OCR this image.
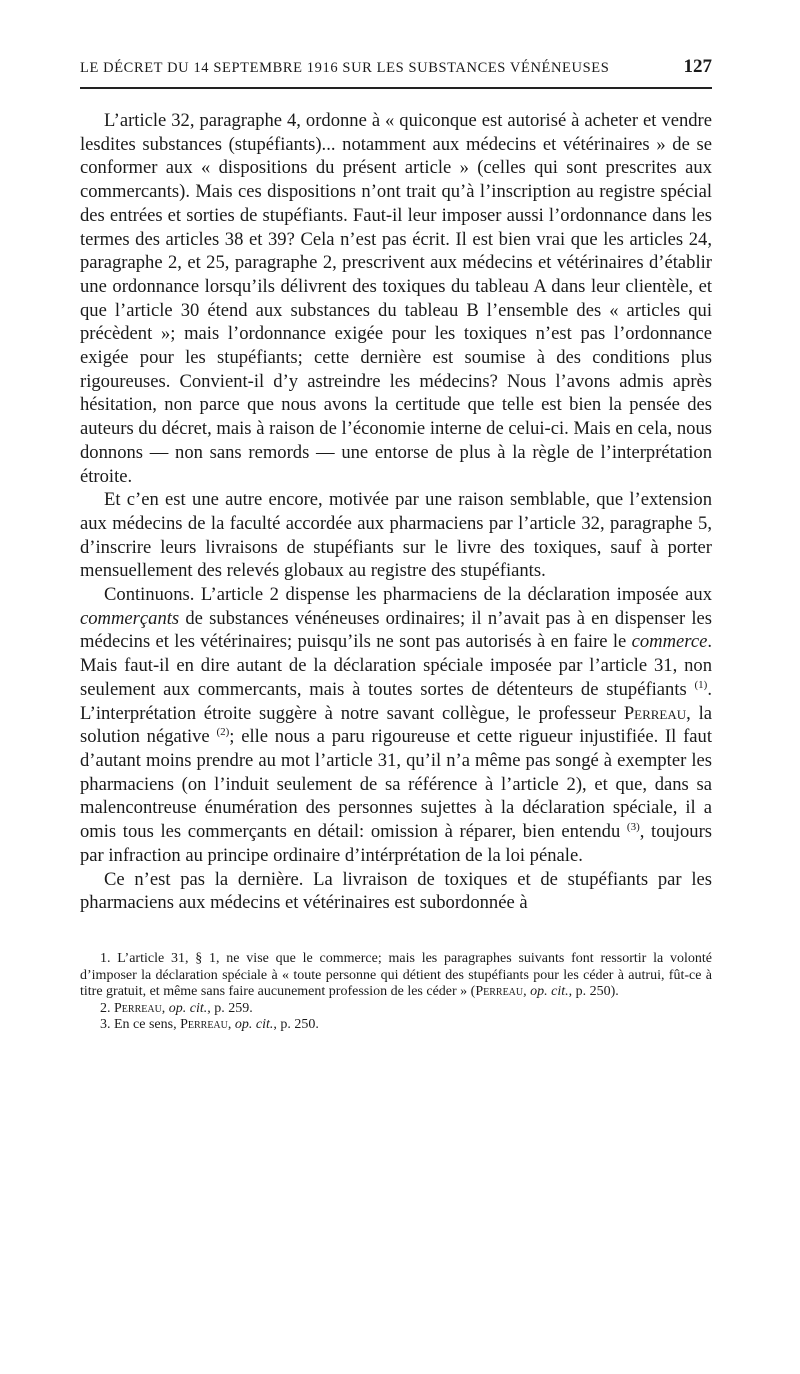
LE DÉCRET DU 14 SEPTEMBRE 1916 SUR LES SUBSTANCES VÉNÉNEUSES	127

L’article 32, paragraphe 4, ordonne à « quiconque est autorisé à acheter et vendre lesdites substances (stupéfiants)... notamment aux médecins et vétérinaires » de se conformer aux « dispositions du présent article » (celles qui sont prescrites aux commercants). Mais ces dispositions n’ont trait qu’à l’inscription au registre spécial des entrées et sorties de stupéfiants. Faut-il leur imposer aussi l’ordonnance dans les termes des articles 38 et 39? Cela n’est pas écrit. Il est bien vrai que les articles 24, paragraphe 2, et 25, paragraphe 2, prescrivent aux médecins et vétérinaires d’établir une ordonnance lorsqu’ils délivrent des toxiques du tableau A dans leur clientèle, et que l’article 30 étend aux substances du tableau B l’ensemble des « articles qui précèdent »; mais l’ordonnance exigée pour les toxiques n’est pas l’ordonnance exigée pour les stupéfiants; cette dernière est soumise à des conditions plus rigoureuses. Convient-il d’y astreindre les médecins? Nous l’avons admis après hésitation, non parce que nous avons la certitude que telle est bien la pensée des auteurs du décret, mais à raison de l’économie interne de celui-ci. Mais en cela, nous donnons — non sans remords — une entorse de plus à la règle de l’interprétation étroite.

Et c’en est une autre encore, motivée par une raison semblable, que l’extension aux médecins de la faculté accordée aux pharmaciens par l’article 32, paragraphe 5, d’inscrire leurs livraisons de stupéfiants sur le livre des toxiques, sauf à porter mensuellement des relevés globaux au registre des stupéfiants.

Continuons. L’article 2 dispense les pharmaciens de la déclaration imposée aux commerçants de substances vénéneuses ordinaires; il n’avait pas à en dispenser les médecins et les vétérinaires; puisqu’ils ne sont pas autorisés à en faire le commerce. Mais faut-il en dire autant de la déclaration spéciale imposée par l’article 31, non seulement aux commercants, mais à toutes sortes de détenteurs de stupéfiants $^{(1)}$. L’interprétation étroite suggère à notre savant collègue, le professeur Perreau, la solution négative $^{(2)}$; elle nous a paru rigoureuse et cette rigueur injustifiée. Il faut d’autant moins prendre au mot l’article 31, qu’il n’a même pas songé à exempter les pharmaciens (on l’induit seulement de sa référence à l’article 2), et que, dans sa malencontreuse énumération des personnes sujettes à la déclaration spéciale, il a omis tous les commerçants en détail: omission à réparer, bien entendu $^{(3)}$, toujours par infraction au principe ordinaire d’intérprétation de la loi pénale.

Ce n’est pas la dernière. La livraison de toxiques et de stupéfiants par les pharmaciens aux médecins et vétérinaires est subordonnée à

1. L’article 31, § 1, ne vise que le commerce; mais les paragraphes suivants font ressortir la volonté d’imposer la déclaration spéciale à « toute personne qui détient des stupéfiants pour les céder à autrui, fût-ce à titre gratuit, et même sans faire aucunement profession de les céder » (Perreau, op. cit., p. 250).

2. Perreau, op. cit., p. 259.

3. En ce sens, Perreau, op. cit., p. 250.
